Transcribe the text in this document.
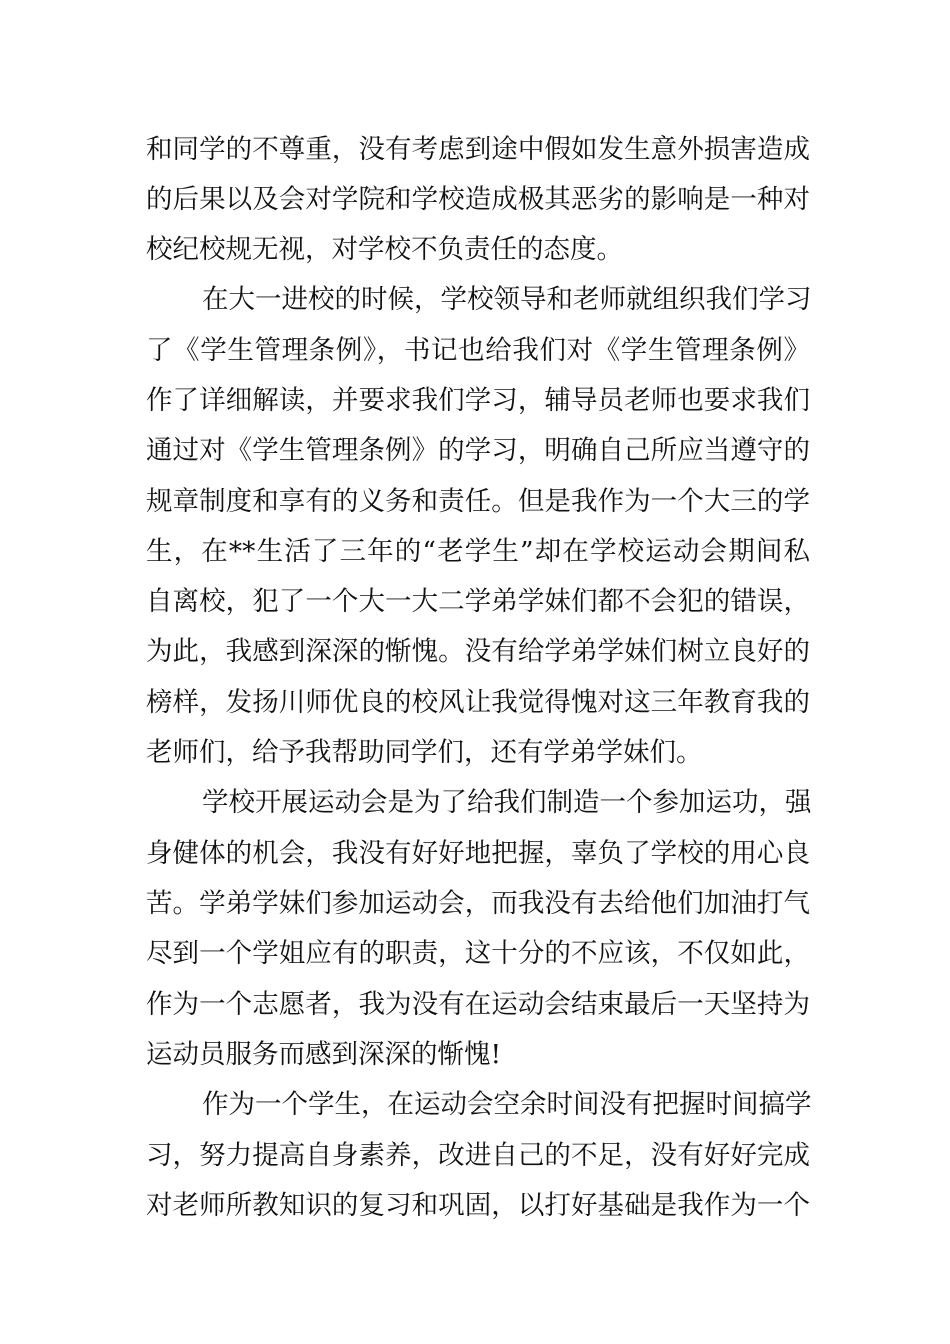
和同学的不尊重，没有考虑到途中假如发生意外损害造成
的后果以及会对学院和学校造成极其恶劣的影响是一种对
校纪校规无视，对学校不负责任的态度。
在大一进校的时候，学校领导和老师就组织我们学习
了《学生管理条例》，书记也给我们对《学生管理条例》
作了详细解读，并要求我们学习，辅导员老师也要求我们
通过对《学生管理条例》的学习，明确自己所应当遵守的
规章制度和享有的义务和责任。但是我作为一个大三的学
生，在**生活了三年的“老学生”却在学校运动会期间私
自离校，犯了一个大一大二学弟学妹们都不会犯的错误，
为此，我感到深深的惭愧。没有给学弟学妹们树立良好的
榜样，发扬川师优良的校风让我觉得愧对这三年教育我的
老师们，给予我帮助同学们，还有学弟学妹们。
学校开展运动会是为了给我们制造一个参加运功，强
身健体的机会，我没有好好地把握，辜负了学校的用心良
苦。学弟学妹们参加运动会，而我没有去给他们加油打气
尽到一个学姐应有的职责，这十分的不应该，不仅如此，
作为一个志愿者，我为没有在运动会结束最后一天坚持为
运动员服务而感到深深的惭愧!
作为一个学生，在运动会空余时间没有把握时间搞学
习，努力提高自身素养，改进自己的不足，没有好好完成
对老师所教知识的复习和巩固，以打好基础是我作为一个
